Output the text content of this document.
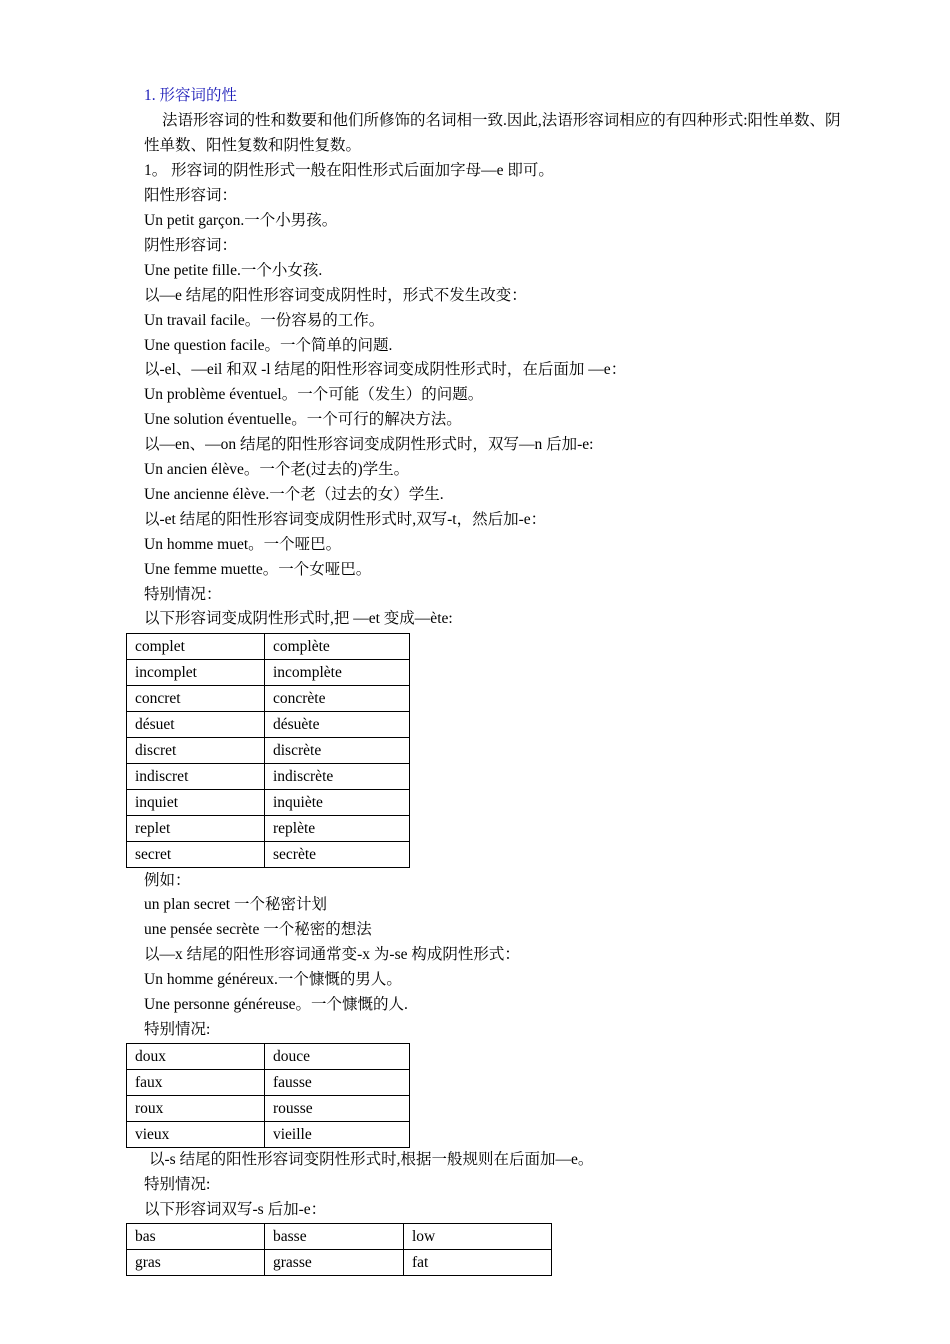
1. 形容词的性
法语形容词的性和数要和他们所修饰的名词相一致.因此,法语形容词相应的有四种形式:阳性单数、阴性单数、阳性复数和阴性复数。
1。 形容词的阴性形式一般在阳性形式后面加字母—e 即可。
阳性形容词：
Un petit garçon.一个小男孩。
阴性形容词：
Une petite fille.一个小女孩.
以—e 结尾的阳性形容词变成阴性时，形式不发生改变：
Un travail facile。一份容易的工作。
Une question facile。一个简单的问题.
以-el、—eil 和双 -l 结尾的阳性形容词变成阴性形式时，在后面加 —e：
Un problème éventuel。一个可能（发生）的问题。
Une solution éventuelle。一个可行的解决方法。
以—en、—on 结尾的阳性形容词变成阴性形式时，双写—n 后加-e:
Un ancien élève。一个老(过去的)学生。
Une ancienne élève.一个老（过去的女）学生.
以-et 结尾的阳性形容词变成阴性形式时,双写-t，然后加-e：
Un homme muet。一个哑巴。
Une femme muette。一个女哑巴。
特别情况：
以下形容词变成阴性形式时,把 —et 变成—ète:
complet	complète
incomplet	incomplète
concret	concrète
désuet	désuète
discret	discrète
indiscret	indiscrète
inquiet	inquiète
replet	replète
secret	secrète
例如：
un plan secret 一个秘密计划
une pensée secrète 一个秘密的想法
以—x 结尾的阳性形容词通常变-x 为-se 构成阴性形式：
Un homme généreux.一个慷慨的男人。
Une personne généreuse。一个慷慨的人.
特别情况:
doux	douce
faux	fausse
roux	rousse
vieux	vieille
以-s 结尾的阳性形容词变阴性形式时,根据一般规则在后面加—e。
特别情况:
以下形容词双写-s 后加-e：
bas	basse	low
gras	grasse	fat
